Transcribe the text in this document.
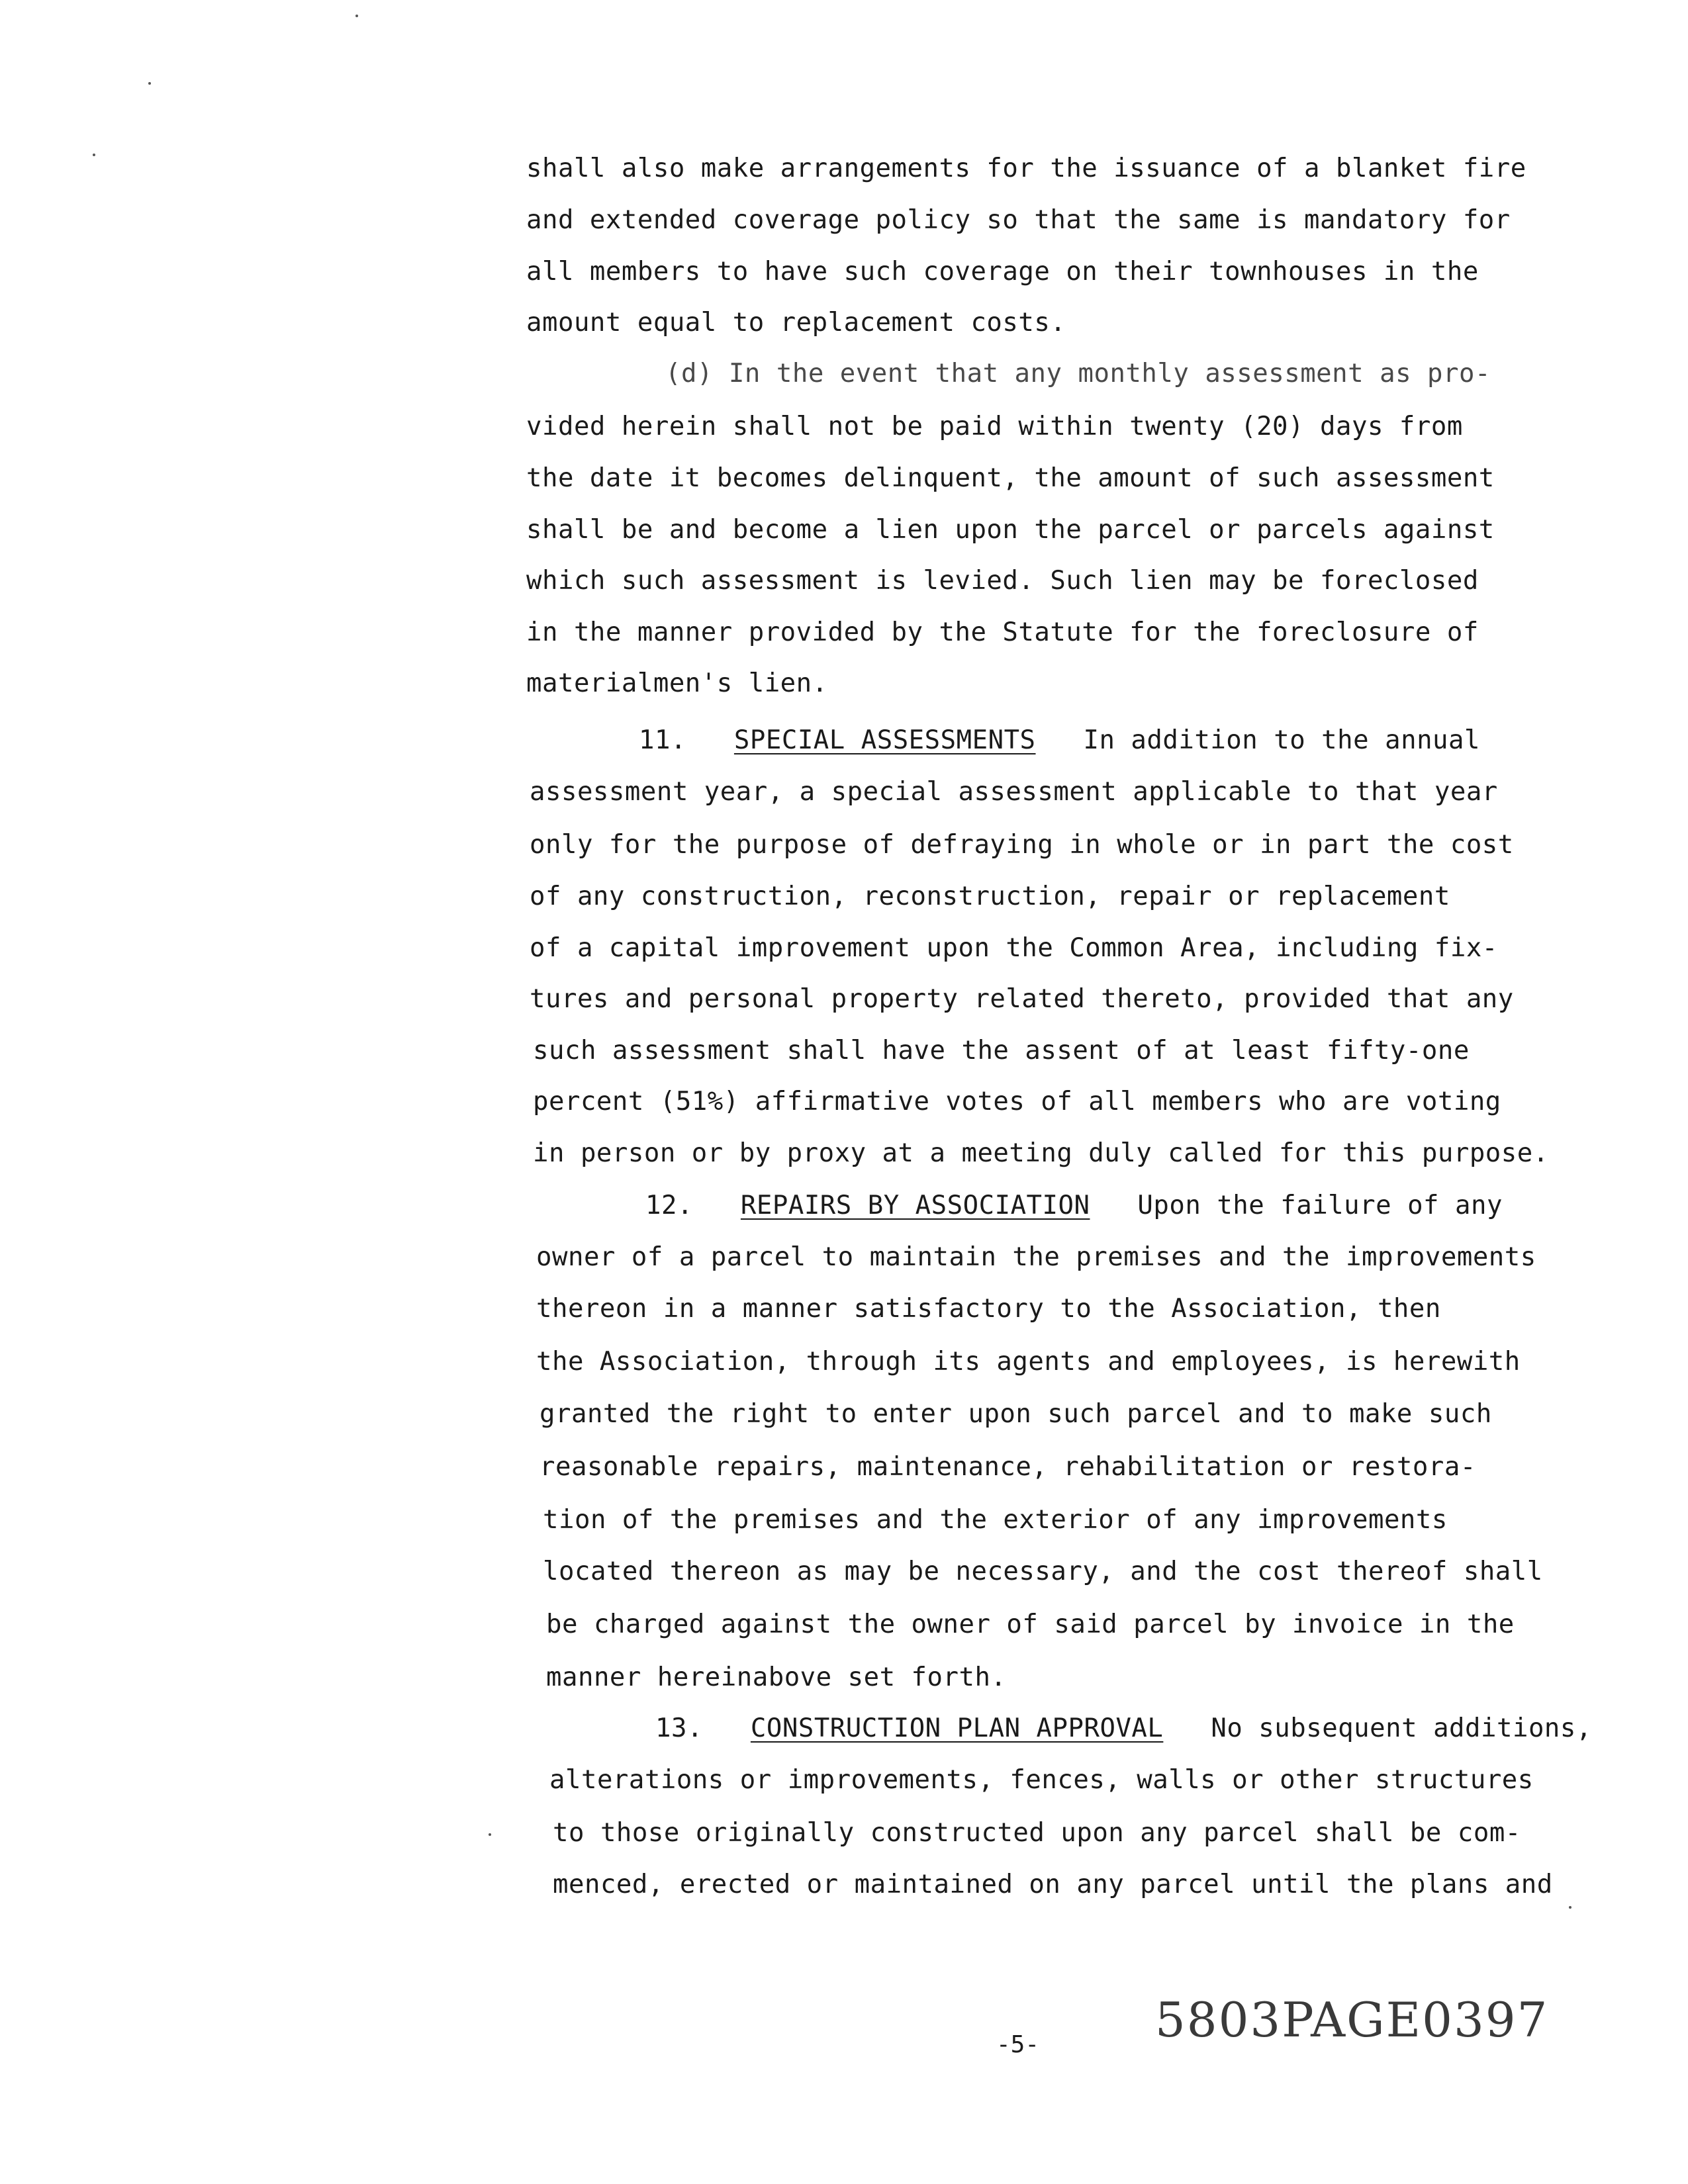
shall also make arrangements for the issuance of a blanket fire
and extended coverage policy so that the same is mandatory for
all members to have such coverage on their townhouses in the
amount equal to replacement costs.
(d) In the event that any monthly assessment as pro-
vided herein shall not be paid within twenty (20) days from
the date it becomes delinquent, the amount of such assessment
shall be and become a lien upon the parcel or parcels against
which such assessment is levied. Such lien may be foreclosed
in the manner provided by the Statute for the foreclosure of
materialmen's lien.
11. SPECIAL ASSESSMENTS In addition to the annual
assessment year, a special assessment applicable to that year
only for the purpose of defraying in whole or in part the cost
of any construction, reconstruction, repair or replacement
of a capital improvement upon the Common Area, including fix-
tures and personal property related thereto, provided that any
such assessment shall have the assent of at least fifty-one
percent (51%) affirmative votes of all members who are voting
in person or by proxy at a meeting duly called for this purpose.
12. REPAIRS BY ASSOCIATION Upon the failure of any
owner of a parcel to maintain the premises and the improvements
thereon in a manner satisfactory to the Association, then
the Association, through its agents and employees, is herewith
granted the right to enter upon such parcel and to make such
reasonable repairs, maintenance, rehabilitation or restora-
tion of the premises and the exterior of any improvements
located thereon as may be necessary, and the cost thereof shall
be charged against the owner of said parcel by invoice in the
manner hereinabove set forth.
13. CONSTRUCTION PLAN APPROVAL No subsequent additions,
alterations or improvements, fences, walls or other structures
to those originally constructed upon any parcel shall be com-
menced, erected or maintained on any parcel until the plans and
-5- 5803PAGE0397
